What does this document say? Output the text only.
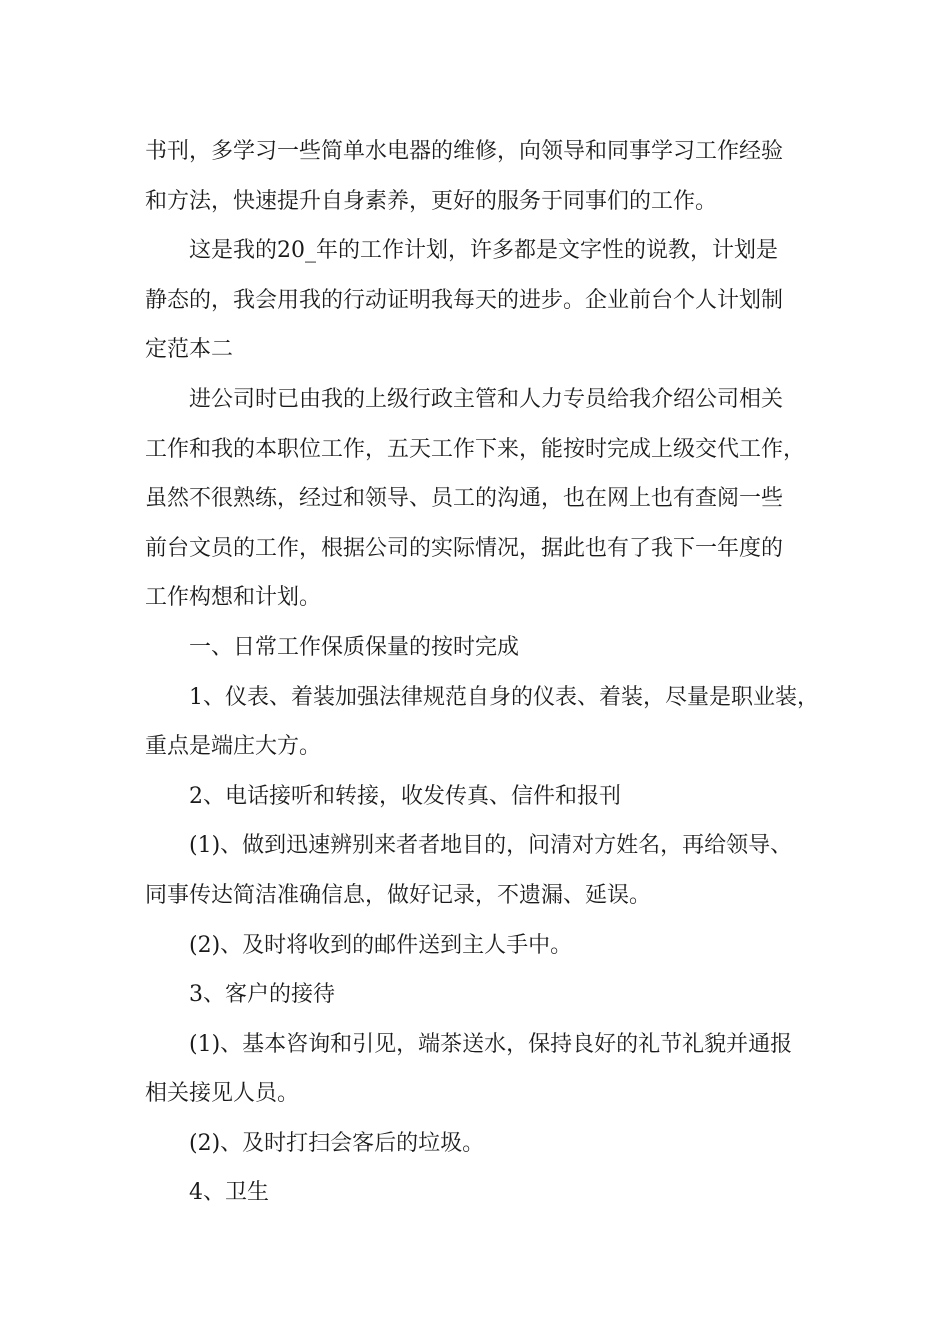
书刊，多学习一些简单水电器的维修，向领导和同事学习工作经验
和方法，快速提升自身素养，更好的服务于同事们的工作。
这是我的20_年的工作计划，许多都是文字性的说教，计划是
静态的，我会用我的行动证明我每天的进步。企业前台个人计划制
定范本二
进公司时已由我的上级行政主管和人力专员给我介绍公司相关
工作和我的本职位工作，五天工作下来，能按时完成上级交代工作，
虽然不很熟练，经过和领导、员工的沟通，也在网上也有查阅一些
前台文员的工作，根据公司的实际情况，据此也有了我下一年度的
工作构想和计划。
一、日常工作保质保量的按时完成
1、仪表、着装加强法律规范自身的仪表、着装，尽量是职业装，
重点是端庄大方。
2、电话接听和转接，收发传真、信件和报刊
(1)、做到迅速辨别来者者地目的，问清对方姓名，再给领导、
同事传达简洁准确信息，做好记录，不遗漏、延误。
(2)、及时将收到的邮件送到主人手中。
3、客户的接待
(1)、基本咨询和引见，端茶送水，保持良好的礼节礼貌并通报
相关接见人员。
(2)、及时打扫会客后的垃圾。
4、卫生
